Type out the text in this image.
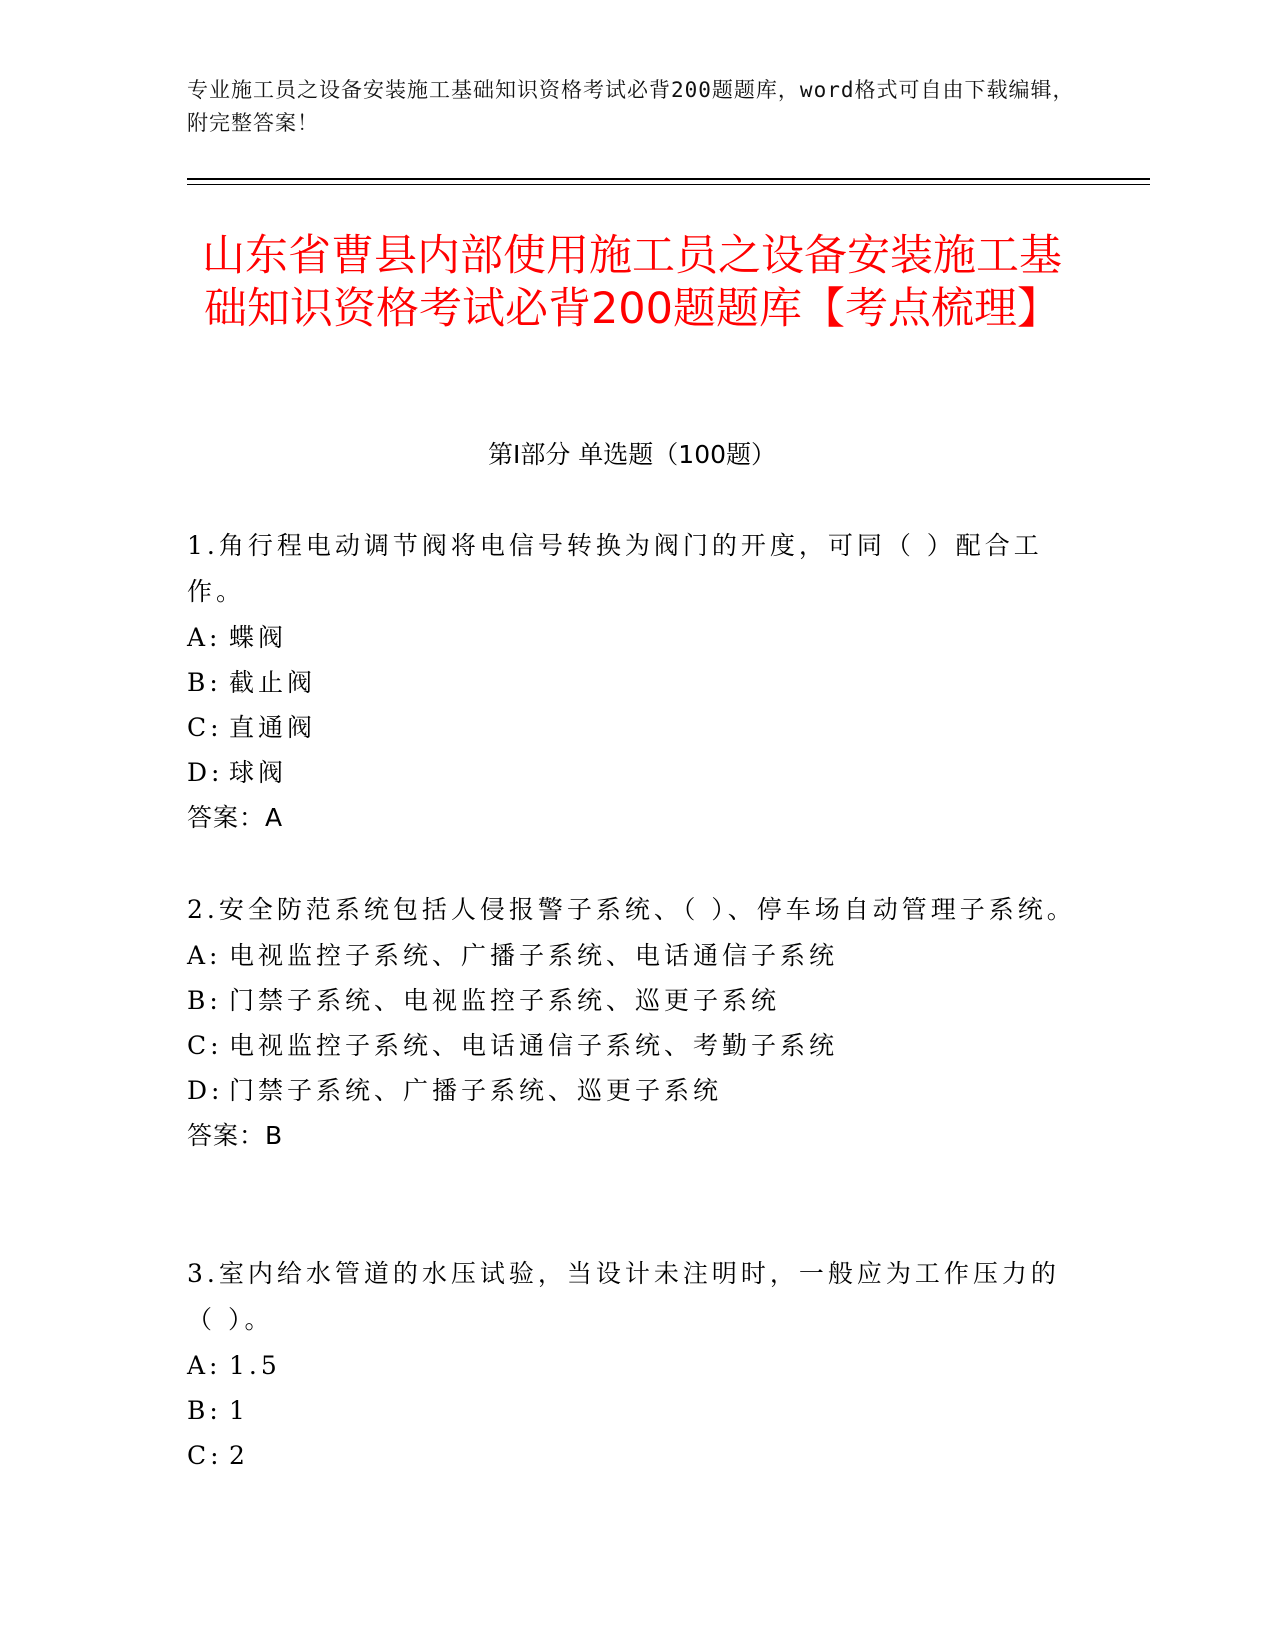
专业施工员之设备安装施工基础知识资格考试必背200题题库，word格式可自由下载编辑，附完整答案！
山东省曹县内部使用施工员之设备安装施工基础知识资格考试必背200题题库【考点梳理】
第Ⅰ部分 单选题（100题）

1.角行程电动调节阀将电信号转换为阀门的开度，可同（ ）配合工作。

A: 蝶阀
B: 截止阀
C: 直通阀
D: 球阀
答案：A

2.安全防范系统包括人侵报警子系统、（ ）、停车场自动管理子系统。

A: 电视监控子系统、广播子系统、电话通信子系统
B: 门禁子系统、电视监控子系统、巡更子系统
C: 电视监控子系统、电话通信子系统、考勤子系统
D: 门禁子系统、广播子系统、巡更子系统
答案：B

3.室内给水管道的水压试验，当设计未注明时，一般应为工作压力的（ ）。

A: 1.5
B: 1
C: 2
